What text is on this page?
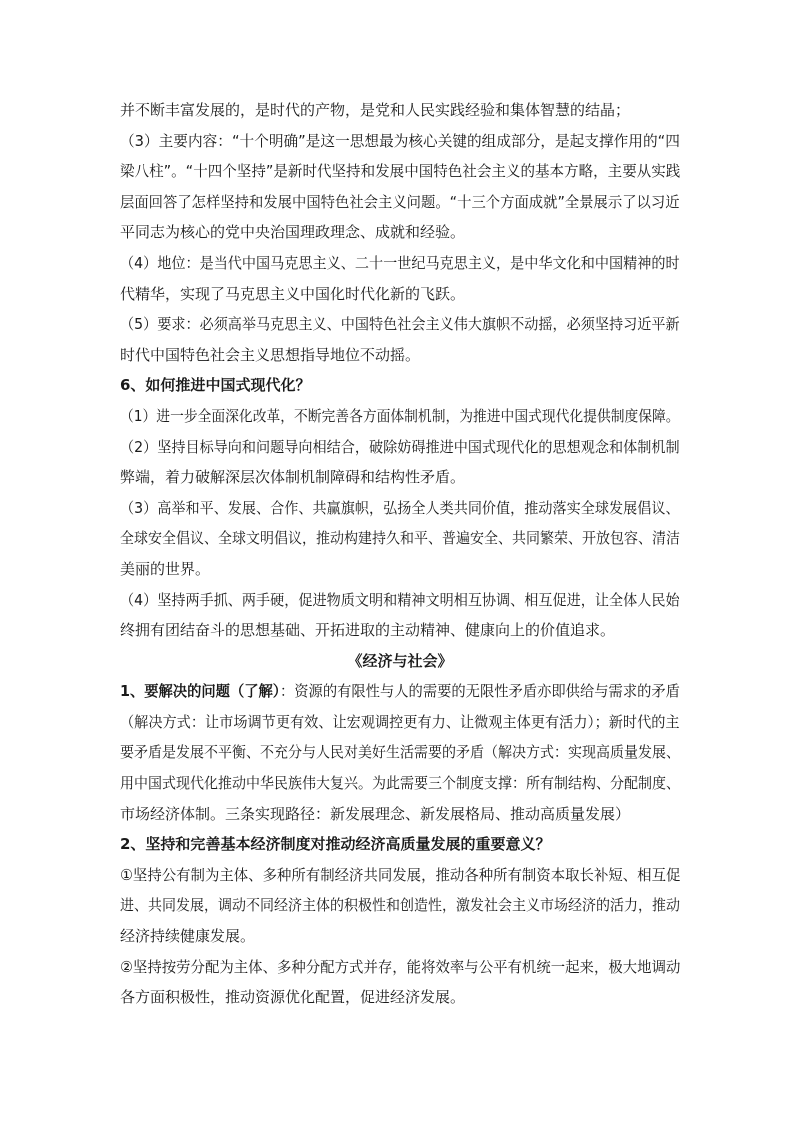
并不断丰富发展的，是时代的产物，是党和人民实践经验和集体智慧的结晶；
（3）主要内容：“十个明确”是这一思想最为核心关键的组成部分，是起支撑作用的“四
梁八柱”。“十四个坚持”是新时代坚持和发展中国特色社会主义的基本方略，主要从实践
层面回答了怎样坚持和发展中国特色社会主义问题。“十三个方面成就”全景展示了以习近
平同志为核心的党中央治国理政理念、成就和经验。
（4）地位：是当代中国马克思主义、二十一世纪马克思主义，是中华文化和中国精神的时
代精华，实现了马克思主义中国化时代化新的飞跃。
（5）要求：必须高举马克思主义、中国特色社会主义伟大旗帜不动摇，必须坚持习近平新
时代中国特色社会主义思想指导地位不动摇。
6、如何推进中国式现代化？
（1）进一步全面深化改革，不断完善各方面体制机制，为推进中国式现代化提供制度保障。
（2）坚持目标导向和问题导向相结合，破除妨碍推进中国式现代化的思想观念和体制机制
弊端，着力破解深层次体制机制障碍和结构性矛盾。
（3）高举和平、发展、合作、共赢旗帜，弘扬全人类共同价值，推动落实全球发展倡议、
全球安全倡议、全球文明倡议，推动构建持久和平、普遍安全、共同繁荣、开放包容、清洁
美丽的世界。
（4）坚持两手抓、两手硬，促进物质文明和精神文明相互协调、相互促进，让全体人民始
终拥有团结奋斗的思想基础、开拓进取的主动精神、健康向上的价值追求。
《经济与社会》
1、要解决的问题（了解）：资源的有限性与人的需要的无限性矛盾亦即供给与需求的矛盾
（解决方式：让市场调节更有效、让宏观调控更有力、让微观主体更有活力）；新时代的主
要矛盾是发展不平衡、不充分与人民对美好生活需要的矛盾（解决方式：实现高质量发展、
用中国式现代化推动中华民族伟大复兴。为此需要三个制度支撑：所有制结构、分配制度、
市场经济体制。三条实现路径：新发展理念、新发展格局、推动高质量发展）
2、坚持和完善基本经济制度对推动经济高质量发展的重要意义？
①坚持公有制为主体、多种所有制经济共同发展，推动各种所有制资本取长补短、相互促
进、共同发展，调动不同经济主体的积极性和创造性，激发社会主义市场经济的活力，推动
经济持续健康发展。
②坚持按劳分配为主体、多种分配方式并存，能将效率与公平有机统一起来，极大地调动
各方面积极性，推动资源优化配置，促进经济发展。
